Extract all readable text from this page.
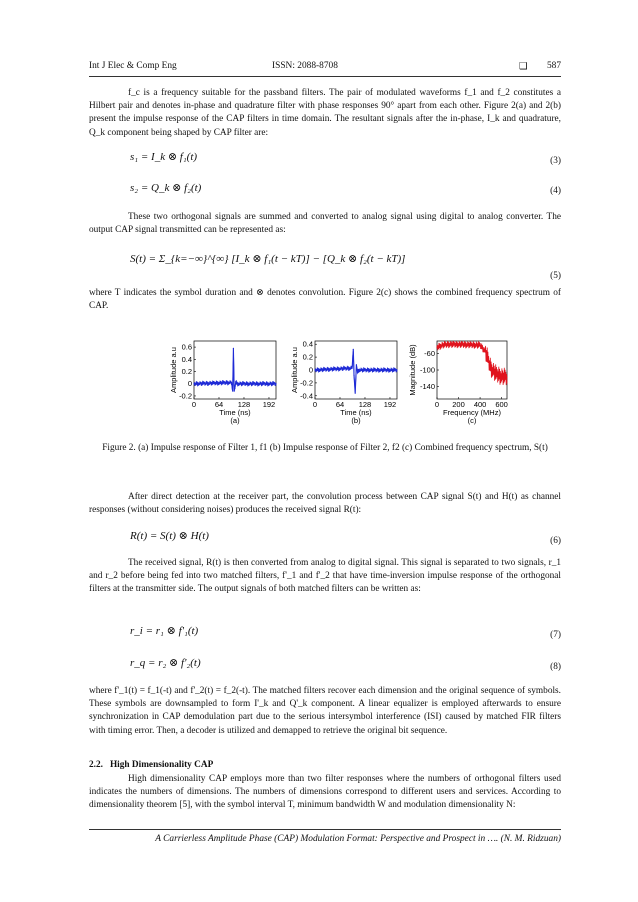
Int J Elec & Comp Eng	ISSN: 2088-8708	❑ 587

f_c is a frequency suitable for the passband filters. The pair of modulated waveforms f_1 and f_2 constitutes a Hilbert pair and denotes in-phase and quadrature filter with phase responses 90° apart from each other. Figure 2(a) and 2(b) present the impulse response of the CAP filters in time domain. The resultant signals after the in-phase, I_k and quadrature, Q_k component being shaped by CAP filter are:

s₁ = I_k ⊗ f₁(t)	(3)
s₂ = Q_k ⊗ f₂(t)	(4)

These two orthogonal signals are summed and converted to analog signal using digital to analog converter. The output CAP signal transmitted can be represented as:

S(t) = Σ_{k=−∞}^{∞} [I_k ⊗ f₁(t − kT)] − [Q_k ⊗ f₂(t − kT)]
(5)

where T indicates the symbol duration and ⊗ denotes convolution. Figure 2(c) shows the combined frequency spectrum of CAP.

0 64 128 192
0.6
0.4
0.2
0
-0.2
Time (ns)
Amplitude a.u
(a)
0 64 128 192
0.4
0.2
0
-0.2
-0.4
Time (ns)
Amplitude a.u
(b)
0 200 400 600
-60
-100
-140
Frequency (MHz)
Magnitude (dB)
(c)
Figure 2. (a) Impulse response of Filter 1, f1 (b) Impulse response of Filter 2, f2 (c) Combined frequency spectrum, S(t)

After direct detection at the receiver part, the convolution process between CAP signal S(t) and H(t) as channel responses (without considering noises) produces the received signal R(t):

R(t) = S(t) ⊗ H(t)	(6)

The received signal, R(t) is then converted from analog to digital signal. This signal is separated to two signals, r_1 and r_2 before being fed into two matched filters, f'_1 and f'_2 that have time-inversion impulse response of the orthogonal filters at the transmitter side. The output signals of both matched filters can be written as:

r_i = r₁ ⊗ f'₁(t)	(7)
r_q = r₂ ⊗ f'₂(t)	(8)

where f'_1(t) = f_1(-t) and f'_2(t) = f_2(-t). The matched filters recover each dimension and the original sequence of symbols. These symbols are downsampled to form I'_k and Q'_k component. A linear equalizer is employed afterwards to ensure synchronization in CAP demodulation part due to the serious intersymbol interference (ISI) caused by matched FIR filters with timing error. Then, a decoder is utilized and demapped to retrieve the original bit sequence.

2.2. High Dimensionality CAP

High dimensionality CAP employs more than two filter responses where the numbers of orthogonal filters used indicates the numbers of dimensions. The numbers of dimensions correspond to different users and services. According to dimensionality theorem [5], with the symbol interval T, minimum bandwidth W and modulation dimensionality N:

A Carrierless Amplitude Phase (CAP) Modulation Format: Perspective and Prospect in …. (N. M. Ridzuan)
